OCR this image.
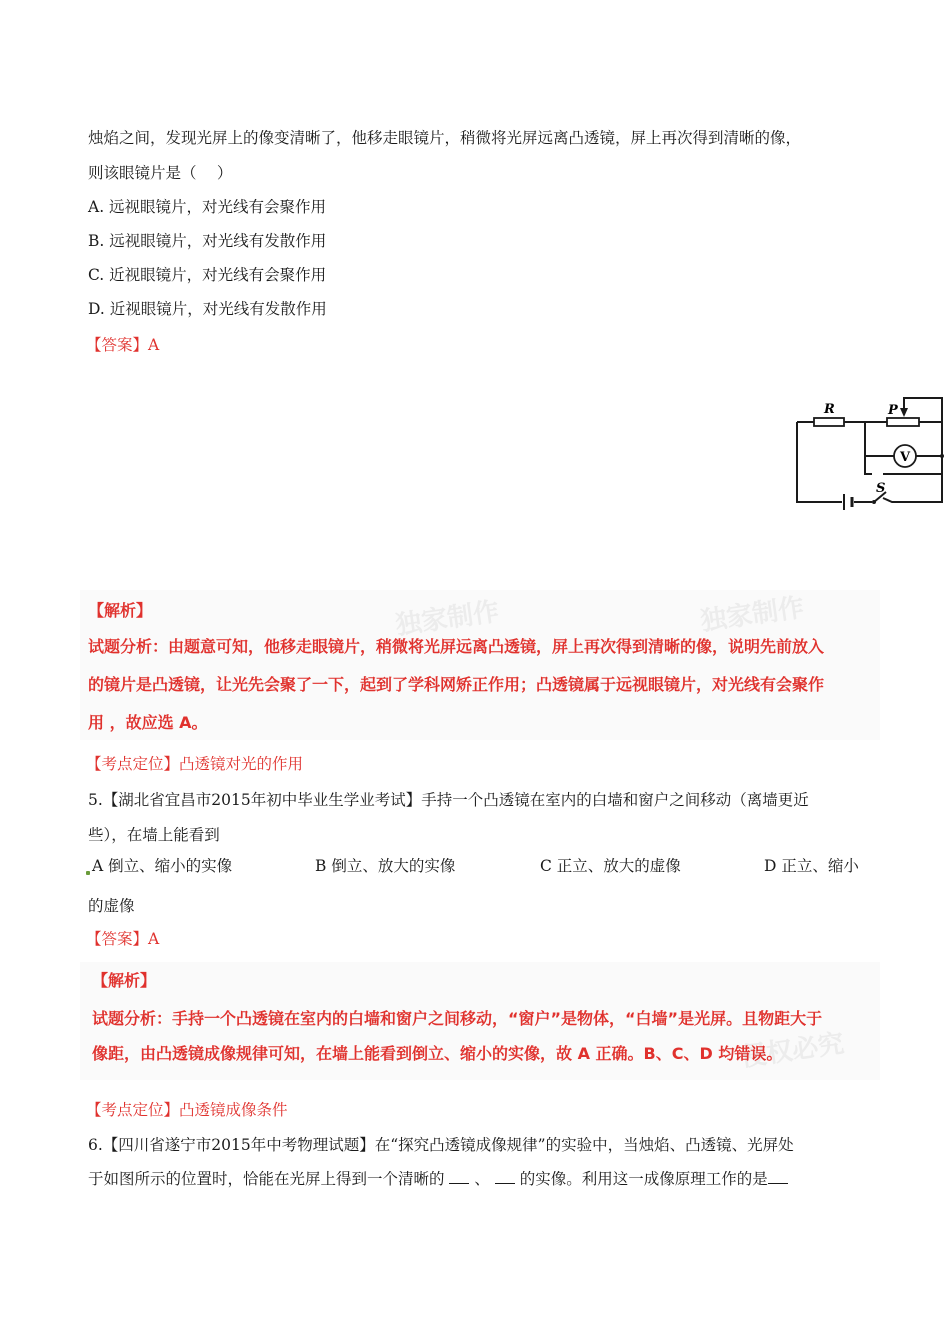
独家制作	独家制作
侵权必究
烛焰之间，发现光屏上的像变清晰了，他移走眼镜片，稍微将光屏远离凸透镜，屏上再次得到清晰的像，
则该眼镜片是（　 ）
A. 远视眼镜片，对光线有会聚作用
B. 远视眼镜片，对光线有发散作用
C. 近视眼镜片，对光线有会聚作用
D. 近视眼镜片，对光线有发散作用
【答案】A
R	P
V
S
【解析】
试题分析：由题意可知，他移走眼镜片，稍微将光屏远离凸透镜，屏上再次得到清晰的像，说明先前放入
的镜片是凸透镜，让光先会聚了一下，起到了学科网矫正作用；凸透镜属于远视眼镜片，对光线有会聚作
用 ，故应选 A。
【考点定位】凸透镜对光的作用
5.【湖北省宜昌市2015年初中毕业生学业考试】手持一个凸透镜在室内的白墙和窗户之间移动（离墙更近
些），在墙上能看到
A 倒立、缩小的实像	B 倒立、放大的实像	C 正立、放大的虚像	D 正立、缩小
的虚像
【答案】A
【解析】
试题分析：手持一个凸透镜在室内的白墙和窗户之间移动，“窗户”是物体，“白墙”是光屏。且物距大于
像距，由凸透镜成像规律可知，在墙上能看到倒立、缩小的实像，故 A 正确。B、C、D 均错误。
【考点定位】凸透镜成像条件
6.【四川省遂宁市2015年中考物理试题】在“探究凸透镜成像规律”的实验中，当烛焰、凸透镜、光屏处
于如图所示的位置时，恰能在光屏上得到一个清晰的 、 的实像。利用这一成像原理工作的是
